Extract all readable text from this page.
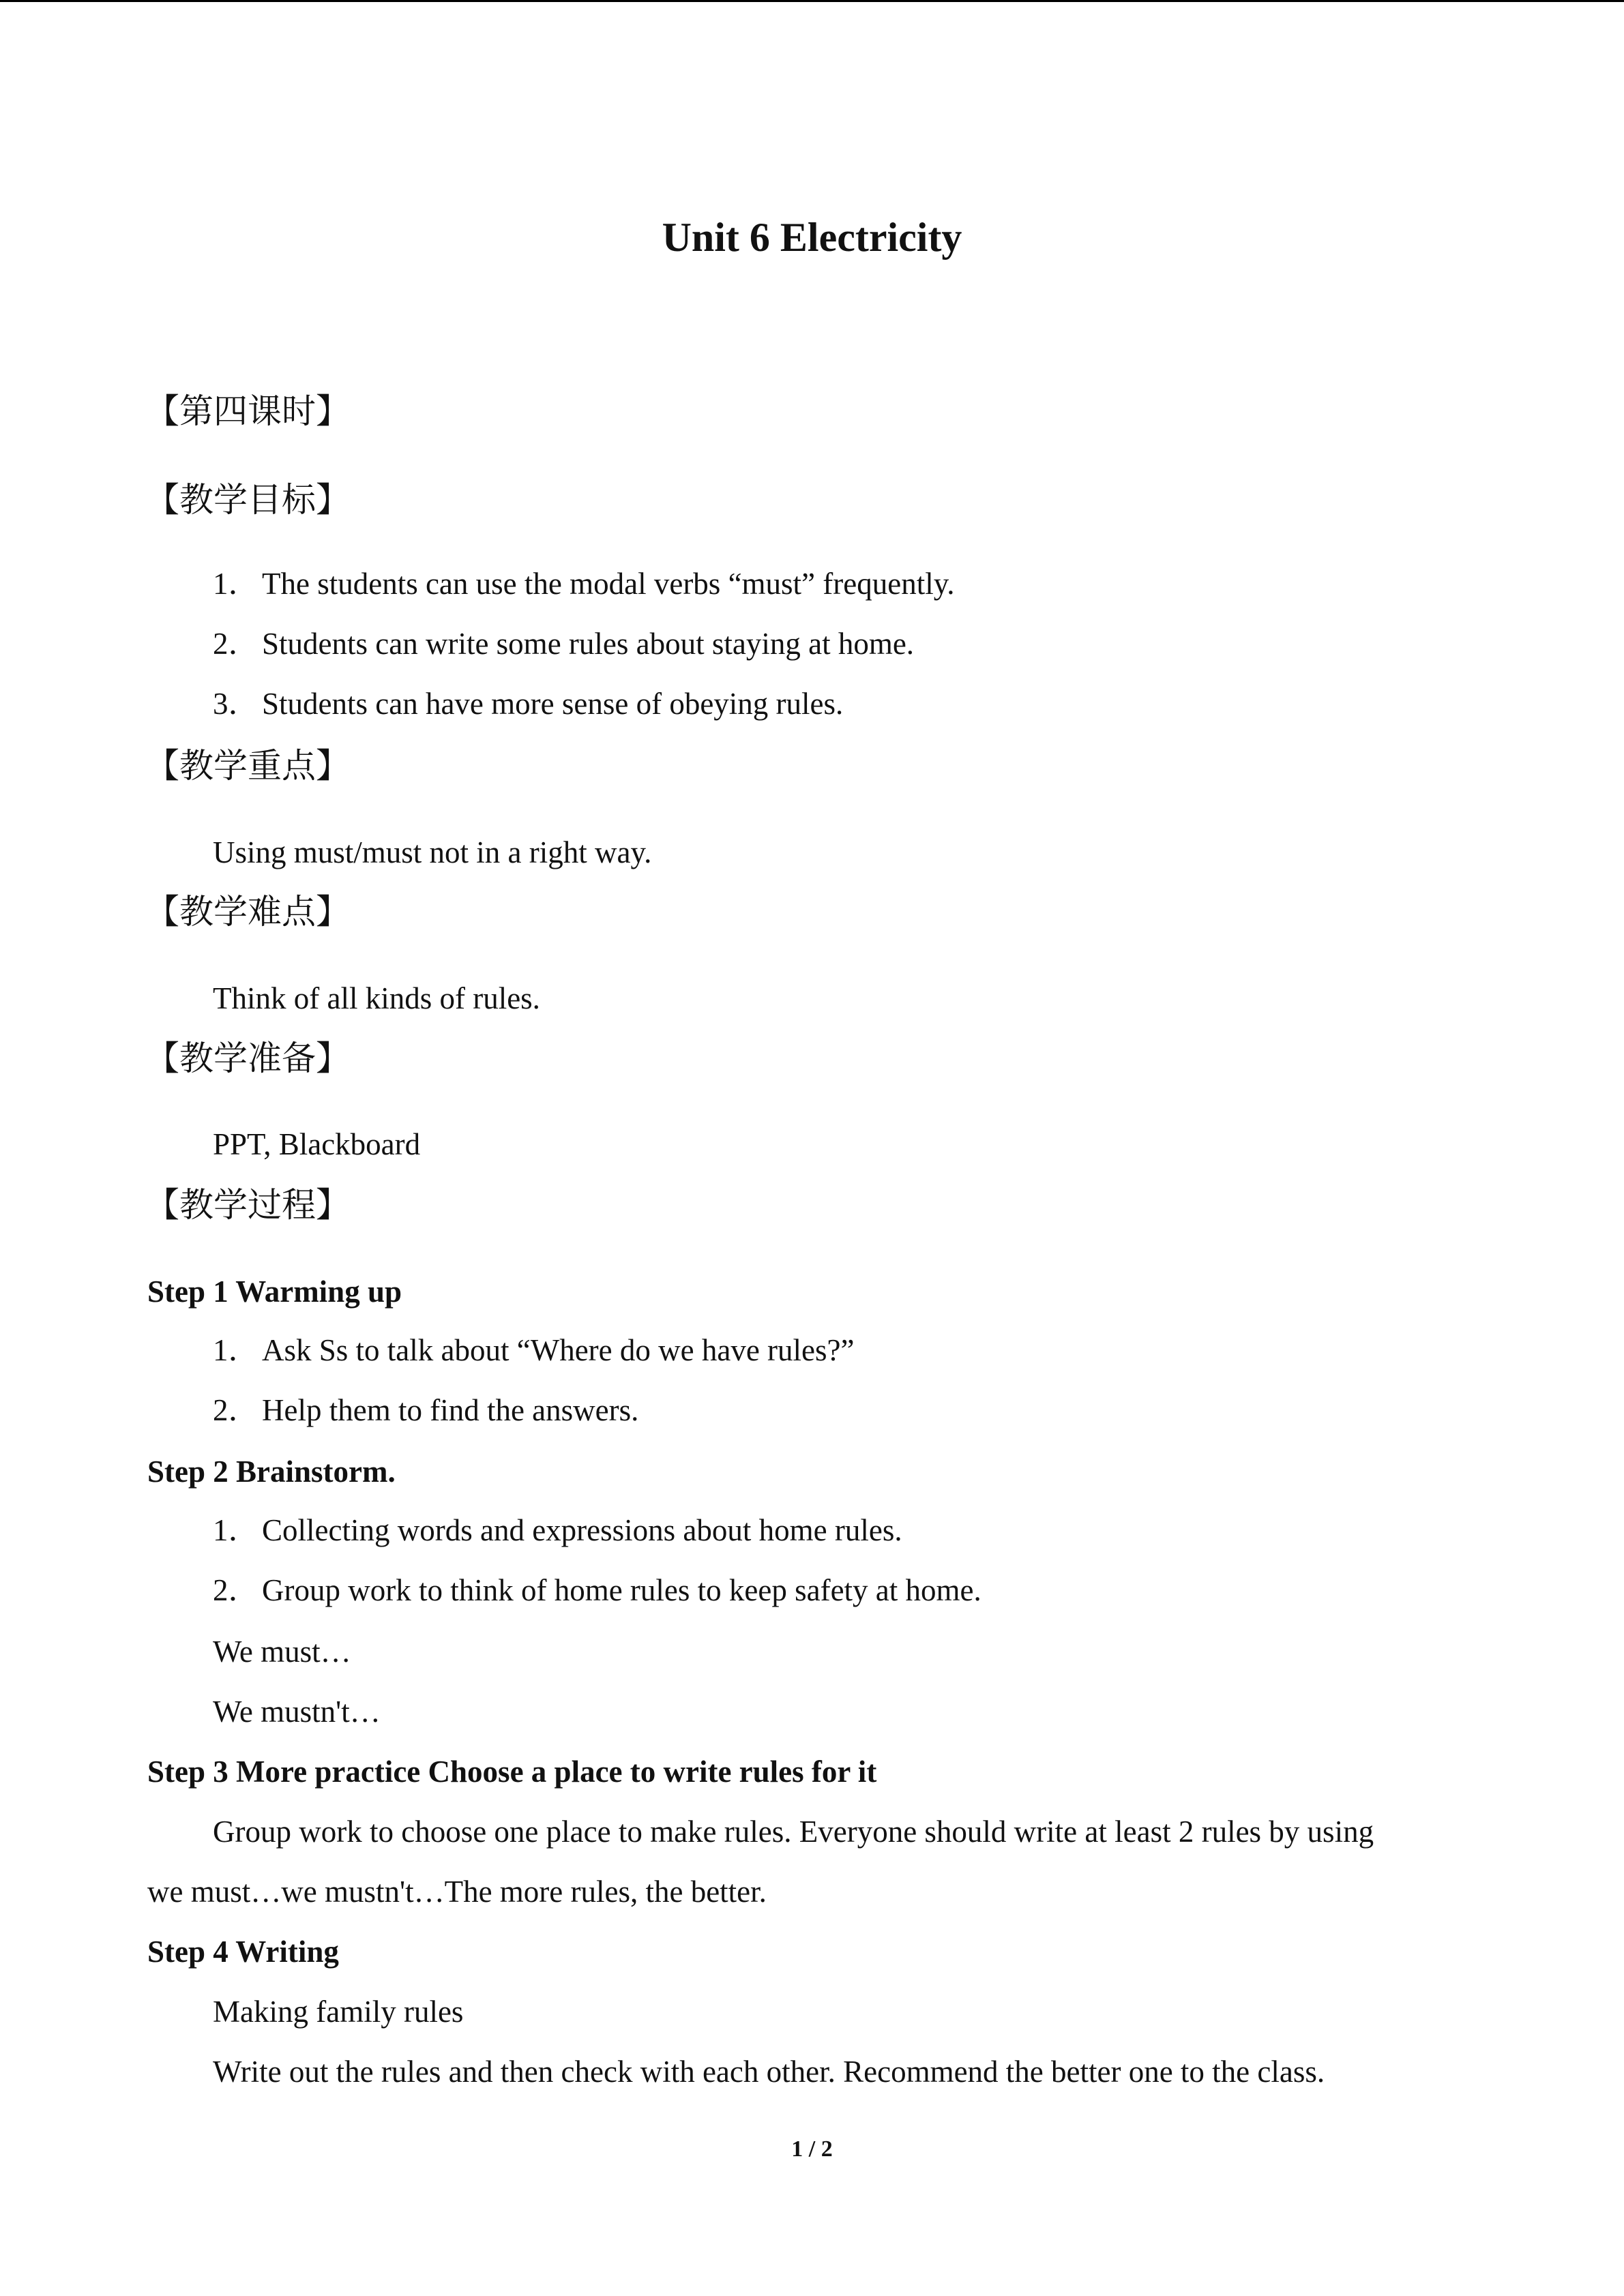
Unit 6 Electricity
【第四课时】
【教学目标】
1．The students can use the modal verbs “must” frequently.
2．Students can write some rules about staying at home.
3．Students can have more sense of obeying rules.
【教学重点】
Using must/must not in a right way.
【教学难点】
Think of all kinds of rules.
【教学准备】
PPT, Blackboard
【教学过程】
Step 1 Warming up
1．Ask Ss to talk about “Where do we have rules?”
2．Help them to find the answers.
Step 2 Brainstorm.
1．Collecting words and expressions about home rules.
2．Group work to think of home rules to keep safety at home.
We must…
We mustn't…
Step 3 More practice Choose a place to write rules for it
Group work to choose one place to make rules. Everyone should write at least 2 rules by using
we must…we mustn't…The more rules, the better.
Step 4 Writing
Making family rules
Write out the rules and then check with each other. Recommend the better one to the class.
1 / 2
